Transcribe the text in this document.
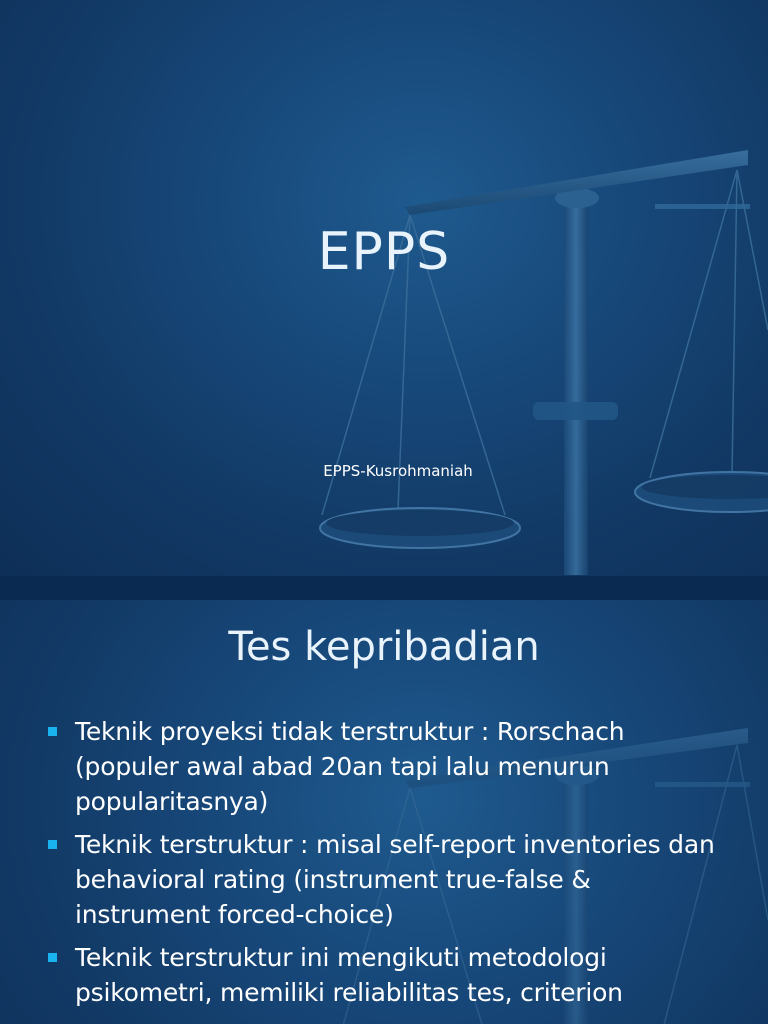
EPPS
EPPS-Kusrohmaniah
Tes kepribadian
Teknik proyeksi tidak terstruktur : Rorschach (populer awal abad 20an tapi lalu menurun popularitasnya)
Teknik terstruktur : misal self-report inventories dan behavioral rating (instrument true-false & instrument forced-choice)
Teknik terstruktur ini mengikuti metodologi psikometri, memiliki reliabilitas tes, criterion
